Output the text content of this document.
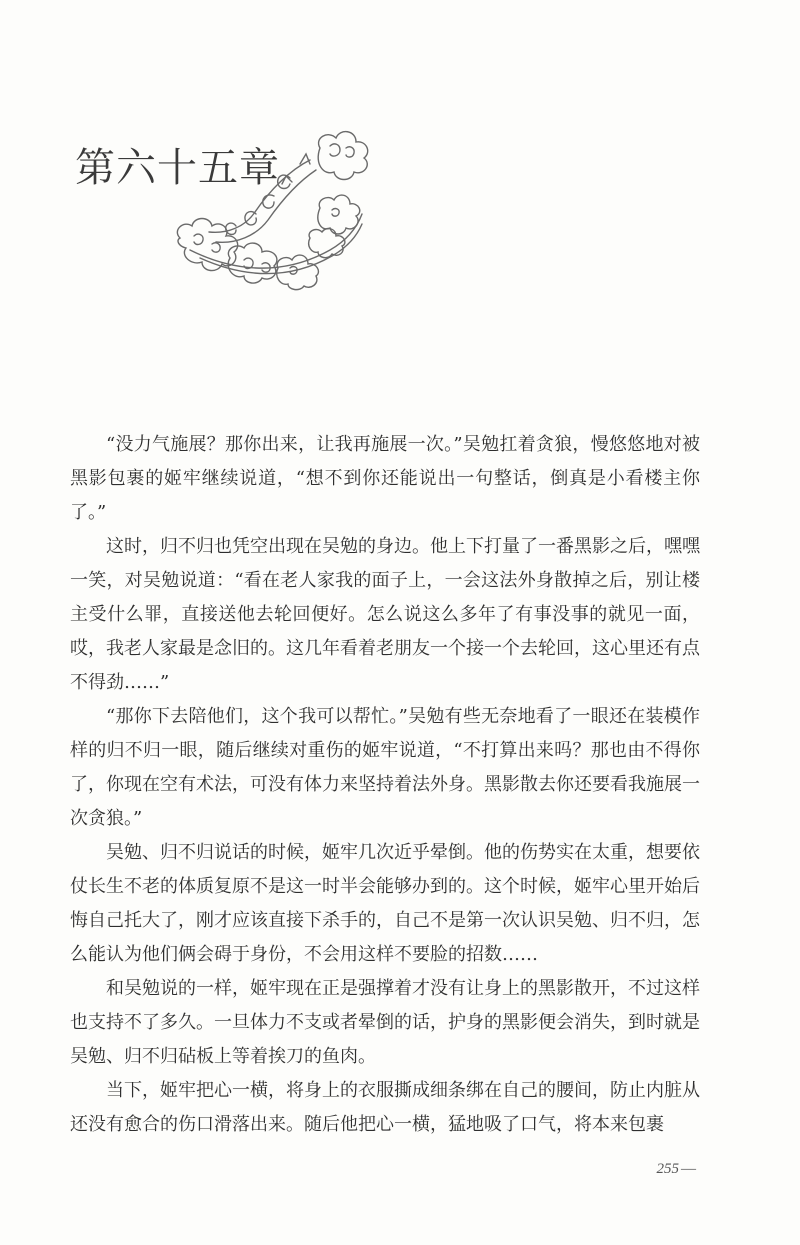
第六十五章

“没力气施展？那你出来，让我再施展一次。”吴勉扛着贪狼，慢悠悠地对被黑影包裹的姬牢继续说道，“想不到你还能说出一句整话，倒真是小看楼主你了。”

这时，归不归也凭空出现在吴勉的身边。他上下打量了一番黑影之后，嘿嘿一笑，对吴勉说道：“看在老人家我的面子上，一会这法外身散掉之后，别让楼主受什么罪，直接送他去轮回便好。怎么说这么多年了有事没事的就见一面，哎，我老人家最是念旧的。这几年看着老朋友一个接一个去轮回，这心里还有点不得劲……”

“那你下去陪他们，这个我可以帮忙。”吴勉有些无奈地看了一眼还在装模作样的归不归一眼，随后继续对重伤的姬牢说道，“不打算出来吗？那也由不得你了，你现在空有术法，可没有体力来坚持着法外身。黑影散去你还要看我施展一次贪狼。”

吴勉、归不归说话的时候，姬牢几次近乎晕倒。他的伤势实在太重，想要依仗长生不老的体质复原不是这一时半会能够办到的。这个时候，姬牢心里开始后悔自己托大了，刚才应该直接下杀手的，自己不是第一次认识吴勉、归不归，怎么能认为他们俩会碍于身份，不会用这样不要脸的招数……

和吴勉说的一样，姬牢现在正是强撑着才没有让身上的黑影散开，不过这样也支持不了多久。一旦体力不支或者晕倒的话，护身的黑影便会消失，到时就是吴勉、归不归砧板上等着挨刀的鱼肉。

当下，姬牢把心一横，将身上的衣服撕成细条绑在自己的腰间，防止内脏从还没有愈合的伤口滑落出来。随后他把心一横，猛地吸了口气，将本来包裹

255 —
